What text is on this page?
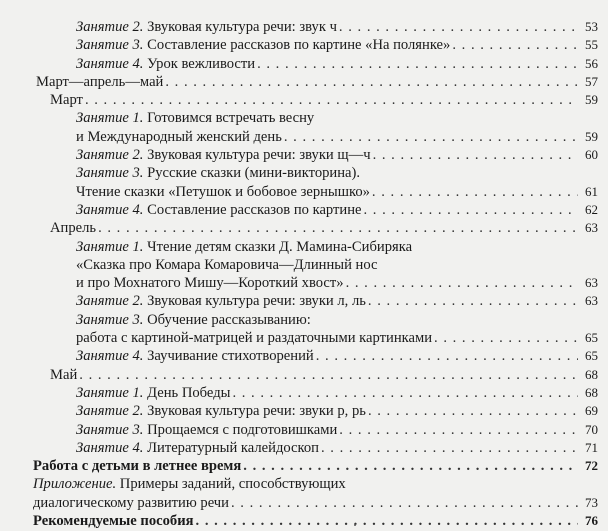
Занятие 2. Звуковая культура речи: звук ч . . .	53
Занятие 3. Составление рассказов по картине «На полянке» . . .	55
Занятие 4. Урок вежливости . . .	56
Март—апрель—май . . .	57
Март . . .	59
Занятие 1. Готовимся встречать весну
и Международный женский день . . .	59
Занятие 2. Звуковая культура речи: звуки щ—ч . . .	60
Занятие 3. Русские сказки (мини-викторина).
Чтение сказки «Петушок и бобовое зернышко» . . .	61
Занятие 4. Составление рассказов по картине . . .	62
Апрель . . .	63
Занятие 1. Чтение детям сказки Д. Мамина-Сибиряка
«Сказка про Комара Комаровича—Длинный нос
и про Мохнатого Мишу—Короткий хвост» . . .	63
Занятие 2. Звуковая культура речи: звуки л, ль . . .	63
Занятие 3. Обучение рассказыванию:
работа с картиной-матрицей и раздаточными картинками . . .	65
Занятие 4. Заучивание стихотворений . . .	65
Май . . .	68
Занятие 1. День Победы . . .	68
Занятие 2. Звуковая культура речи: звуки р, рь . . .	69
Занятие 3. Прощаемся с подготовишками . . .	70
Занятие 4. Литературный калейдоскоп . . .	71
Работа с детьми в летнее время . . .	72
Приложение. Примеры заданий, способствующих
диалогическому развитию речи . . .	73
Рекомендуемые пособия . . .	76
